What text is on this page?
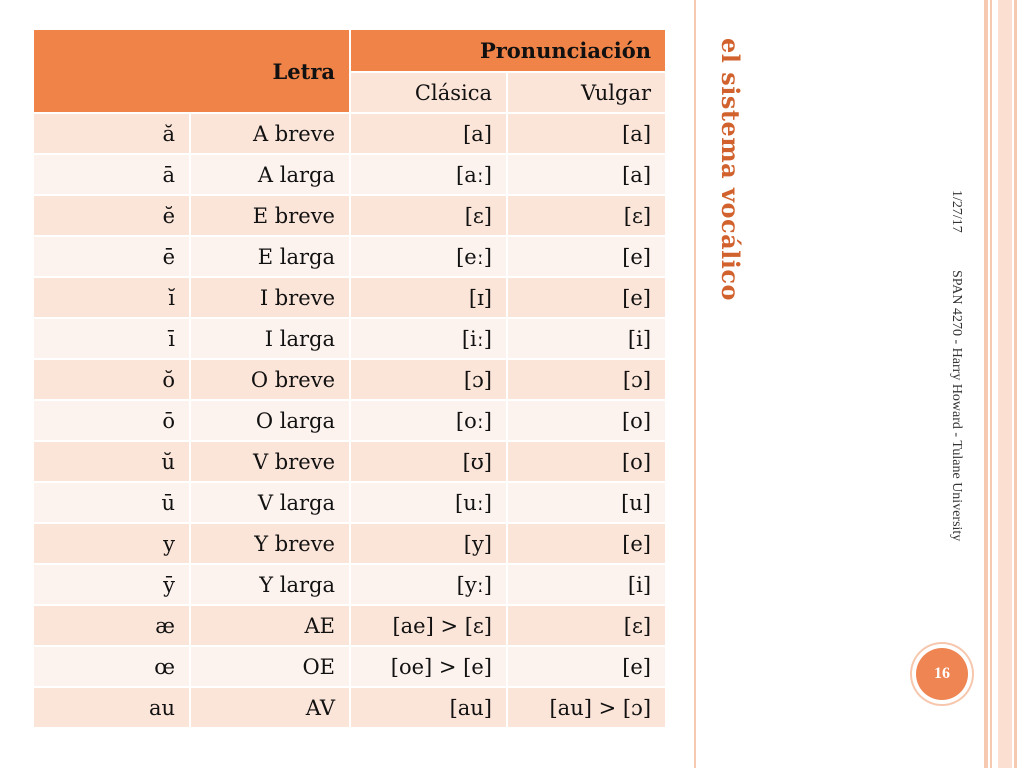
Letra		Pronunciación	
		Clásica	Vulgar
ă	A breve	[a]	[a]
ā	A larga	[aː]	[a]
ĕ	E breve	[ɛ]	[ɛ]
ē	E larga	[eː]	[e]
ĭ	I breve	[ɪ]	[e]
ī	I larga	[iː]	[i]
ŏ	O breve	[ɔ]	[ɔ]
ō	O larga	[oː]	[o]
ŭ	V breve	[ʊ]	[o]
ū	V larga	[uː]	[u]
y	Y breve	[y]	[e]
ȳ	Y larga	[yː]	[i]
æ	AE	[ae] > [ɛ]	[ɛ]
œ	OE	[oe] > [e]	[e]
au	AV	[au]	[au] > [ɔ]
el sistema vocálico	1/27/17
SPAN 4270 - Harry Howard - Tulane University
16
